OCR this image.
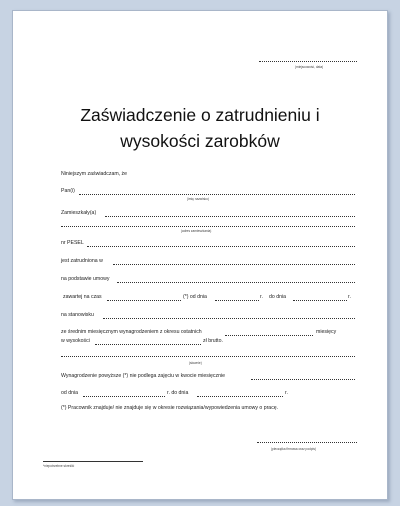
(miejscowość, data)
Zaświadczenie o zatrudnieniu i
wysokości zarobków
Niniejszym zaświadczam, że
Pan(i)
(imię nazwisko)
Zamieszkały(a)
(adres zamieszkania)
nr PESEL
jest zatrudniona w
na podstawie umowy
zawartej na czas	(*) od dnia	r. do dnia	r.
na stanowisku
ze średnim miesięcznym wynagrodzeniem z okresu ostatnich	miesięcy
w wysokości	zł brutto.
(słownie)
Wynagrodzenie powyższe (*) nie podlega zajęciu w kwocie miesięcznie
od dnia	r. do dnia	r.
(*) Pracownik znajduje/ nie znajduje się w okresie rozwiązania/wypowiedzenia umowy o pracę.
(pieczątka firmowa oraz podpis)
*niepotrzebne skreślić
